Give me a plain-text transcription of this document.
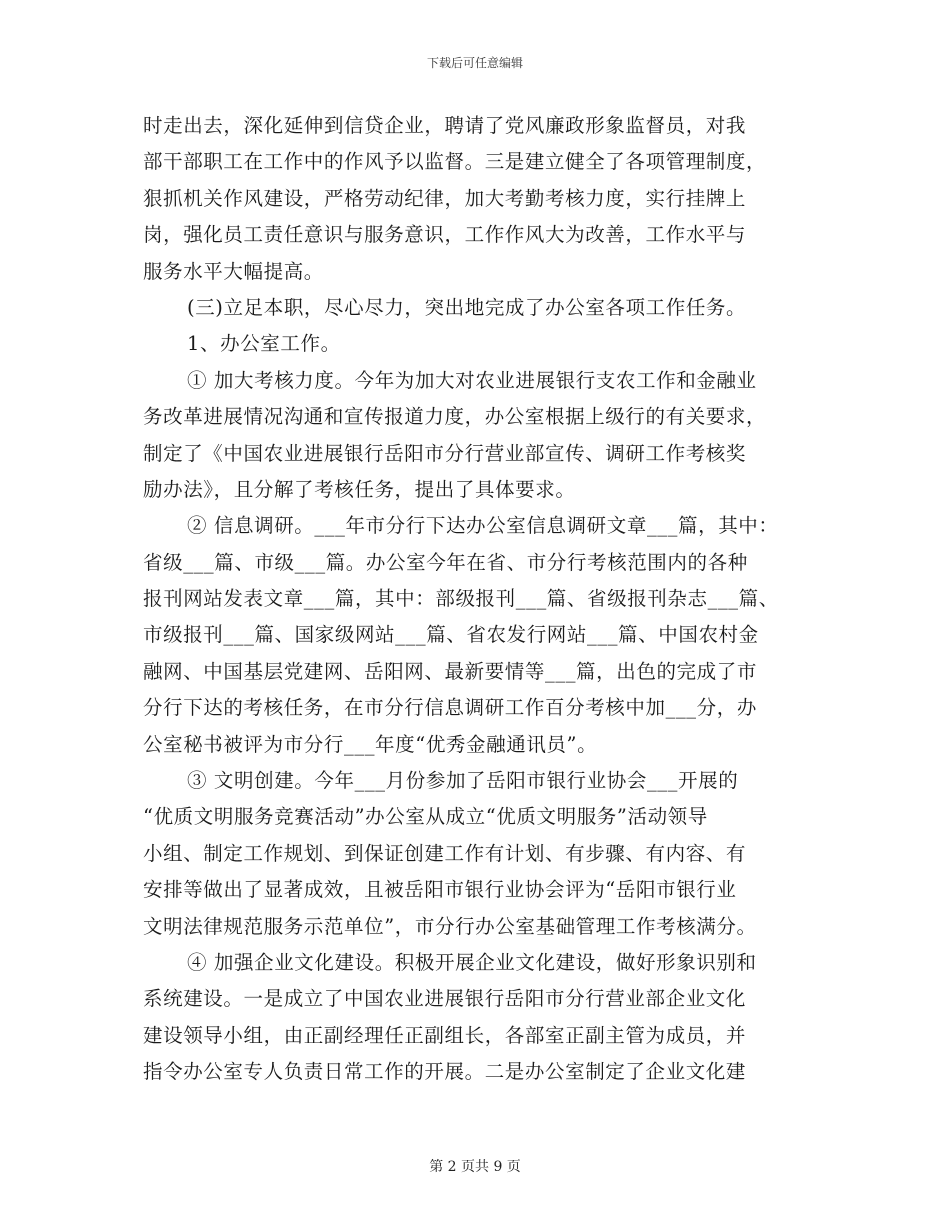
下载后可任意编辑
时走出去，深化延伸到信贷企业，聘请了党风廉政形象监督员，对我
部干部职工在工作中的作风予以监督。三是建立健全了各项管理制度，
狠抓机关作风建设，严格劳动纪律，加大考勤考核力度，实行挂牌上
岗，强化员工责任意识与服务意识，工作作风大为改善，工作水平与
服务水平大幅提高。
(三)立足本职，尽心尽力，突出地完成了办公室各项工作任务。
1、办公室工作。
① 加大考核力度。今年为加大对农业进展银行支农工作和金融业
务改革进展情况沟通和宣传报道力度，办公室根据上级行的有关要求，
制定了《中国农业进展银行岳阳市分行营业部宣传、调研工作考核奖
励办法》，且分解了考核任务，提出了具体要求。
② 信息调研。___年市分行下达办公室信息调研文章___篇，其中：
省级___篇、市级___篇。办公室今年在省、市分行考核范围内的各种
报刊网站发表文章___篇，其中：部级报刊___篇、省级报刊杂志___篇、
市级报刊___篇、国家级网站___篇、省农发行网站___篇、中国农村金
融网、中国基层党建网、岳阳网、最新要情等___篇，出色的完成了市
分行下达的考核任务，在市分行信息调研工作百分考核中加___分，办
公室秘书被评为市分行___年度“优秀金融通讯员”。
③ 文明创建。今年___月份参加了岳阳市银行业协会___开展的
“优质文明服务竞赛活动”办公室从成立“优质文明服务”活动领导
小组、制定工作规划、到保证创建工作有计划、有步骤、有内容、有
安排等做出了显著成效，且被岳阳市银行业协会评为“岳阳市银行业
文明法律规范服务示范单位”，市分行办公室基础管理工作考核满分。
④ 加强企业文化建设。积极开展企业文化建设，做好形象识别和
系统建设。一是成立了中国农业进展银行岳阳市分行营业部企业文化
建设领导小组，由正副经理任正副组长，各部室正副主管为成员，并
指令办公室专人负责日常工作的开展。二是办公室制定了企业文化建
第 2 页共 9 页
